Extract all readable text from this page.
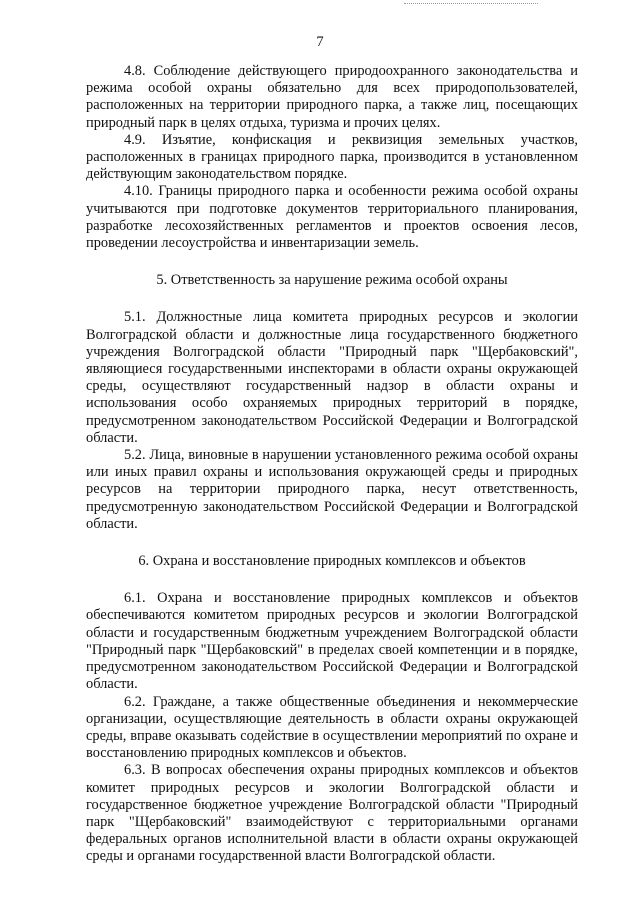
7

4.8. Соблюдение действующего природоохранного законодательства и режима особой охраны обязательно для всех природопользователей, расположенных на территории природного парка, а также лиц, посещающих природный парк в целях отдыха, туризма и прочих целях.

4.9. Изъятие, конфискация и реквизиция земельных участков, расположенных в границах природного парка, производится в установленном действующим законодательством порядке.

4.10. Границы природного парка и особенности режима особой охраны учитываются при подготовке документов территориального планирования, разработке лесохозяйственных регламентов и проектов освоения лесов, проведении лесоустройства и инвентаризации земель.

5. Ответственность за нарушение режима особой охраны

5.1. Должностные лица комитета природных ресурсов и экологии Волгоградской области и должностные лица государственного бюджетного учреждения Волгоградской области "Природный парк "Щербаковский", являющиеся государственными инспекторами в области охраны окружающей среды, осуществляют государственный надзор в области охраны и использования особо охраняемых природных территорий в порядке, предусмотренном законодательством Российской Федерации и Волгоградской области.

5.2. Лица, виновные в нарушении установленного режима особой охраны или иных правил охраны и использования окружающей среды и природных ресурсов на территории природного парка, несут ответственность, предусмотренную законодательством Российской Федерации и Волгоградской области.

6. Охрана и восстановление природных комплексов и объектов

6.1. Охрана и восстановление природных комплексов и объектов обеспечиваются комитетом природных ресурсов и экологии Волгоградской области и государственным бюджетным учреждением Волгоградской области "Природный парк "Щербаковский" в пределах своей компетенции и в порядке, предусмотренном законодательством Российской Федерации и Волгоградской области.

6.2. Граждане, а также общественные объединения и некоммерческие организации, осуществляющие деятельность в области охраны окружающей среды, вправе оказывать содействие в осуществлении мероприятий по охране и восстановлению природных комплексов и объектов.

6.3. В вопросах обеспечения охраны природных комплексов и объектов комитет природных ресурсов и экологии Волгоградской области и государственное бюджетное учреждение Волгоградской области "Природный парк "Щербаковский" взаимодействуют с территориальными органами федеральных органов исполнительной власти в области охраны окружающей среды и органами государственной власти Волгоградской области.
